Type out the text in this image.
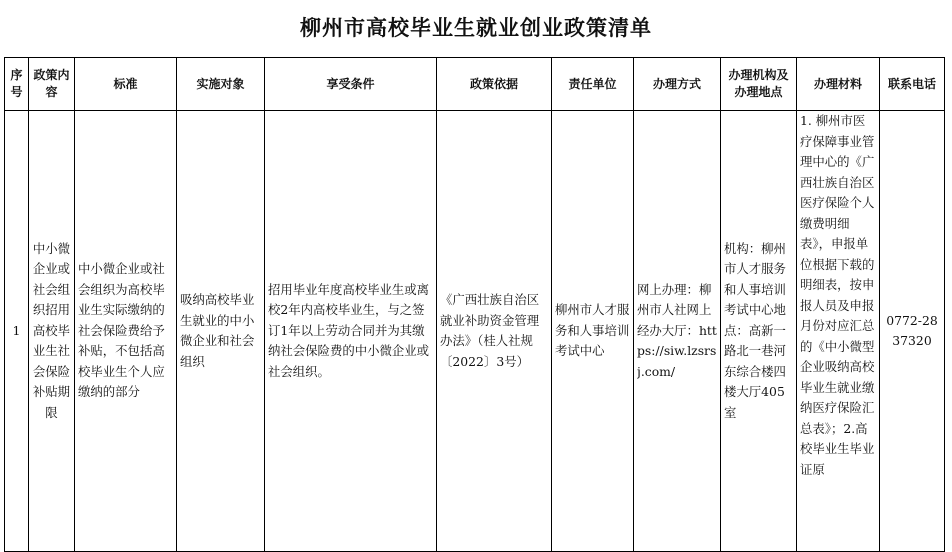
柳州市高校毕业生就业创业政策清单
序号	政策内容	标准	实施对象	享受条件	政策依据	责任单位	办理方式	办理机构及办理地点	办理材料	联系电话
1	中小微企业或社会组织招用高校毕业生社会保险补贴期限	中小微企业或社会组织为高校毕业生实际缴纳的社会保险费给予补贴，不包括高校毕业生个人应缴纳的部分	吸纳高校毕业生就业的中小微企业和社会组织	招用毕业年度高校毕业生或离校2年内高校毕业生，与之签订1年以上劳动合同并为其缴纳社会保险费的中小微企业或社会组织。	《广西壮族自治区就业补助资金管理办法》（桂人社规〔2022〕3号）	柳州市人才服务和人事培训考试中心	网上办理：柳州市人社网上经办大厅：https://siw.lzsrsj.com/	机构：柳州市人才服务和人事培训考试中心地点：高新一路北一巷河东综合楼四楼大厅405室	1. 柳州市医疗保障事业管理中心的《广西壮族自治区医疗保险个人缴费明细表》，申报单位根据下载的明细表，按申报人员及申报月份对应汇总的《中小微型企业吸纳高校毕业生就业缴纳医疗保险汇总表》；2.高校毕业生毕业证原	0772-2837320
